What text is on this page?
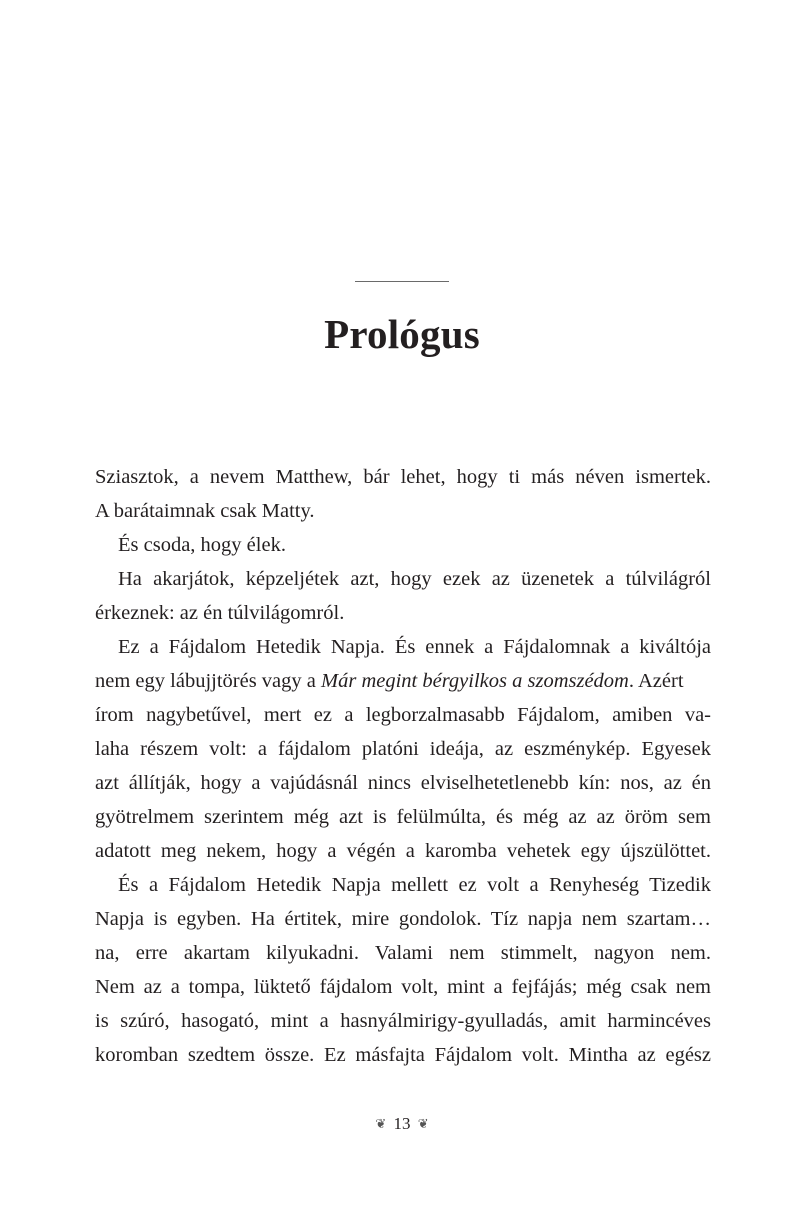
Prológus
Sziasztok, a nevem Matthew, bár lehet, hogy ti más néven ismertek.
A barátaimnak csak Matty.
És csoda, hogy élek.
Ha akarjátok, képzeljétek azt, hogy ezek az üzenetek a túlvilágról
érkeznek: az én túlvilágomról.
Ez a Fájdalom Hetedik Napja. És ennek a Fájdalomnak a kiváltója
nem egy lábujjtörés vagy a Már megint bérgyilkos a szomszédom. Azért
írom nagybetűvel, mert ez a legborzalmasabb Fájdalom, amiben va-
laha részem volt: a fájdalom platóni ideája, az eszménykép. Egyesek
azt állítják, hogy a vajúdásnál nincs elviselhetetlenebb kín: nos, az én
gyötrelmem szerintem még azt is felülmúlta, és még az az öröm sem
adatott meg nekem, hogy a végén a karomba vehetek egy újszülöttet.
És a Fájdalom Hetedik Napja mellett ez volt a Renyheség Tizedik
Napja is egyben. Ha értitek, mire gondolok. Tíz napja nem szartam…
na, erre akartam kilyukadni. Valami nem stimmelt, nagyon nem.
Nem az a tompa, lüktető fájdalom volt, mint a fejfájás; még csak nem
is szúró, hasogató, mint a hasnyálmirigy-gyulladás, amit harmincéves
koromban szedtem össze. Ez másfajta Fájdalom volt. Mintha az egész
❦ 13 ❦
